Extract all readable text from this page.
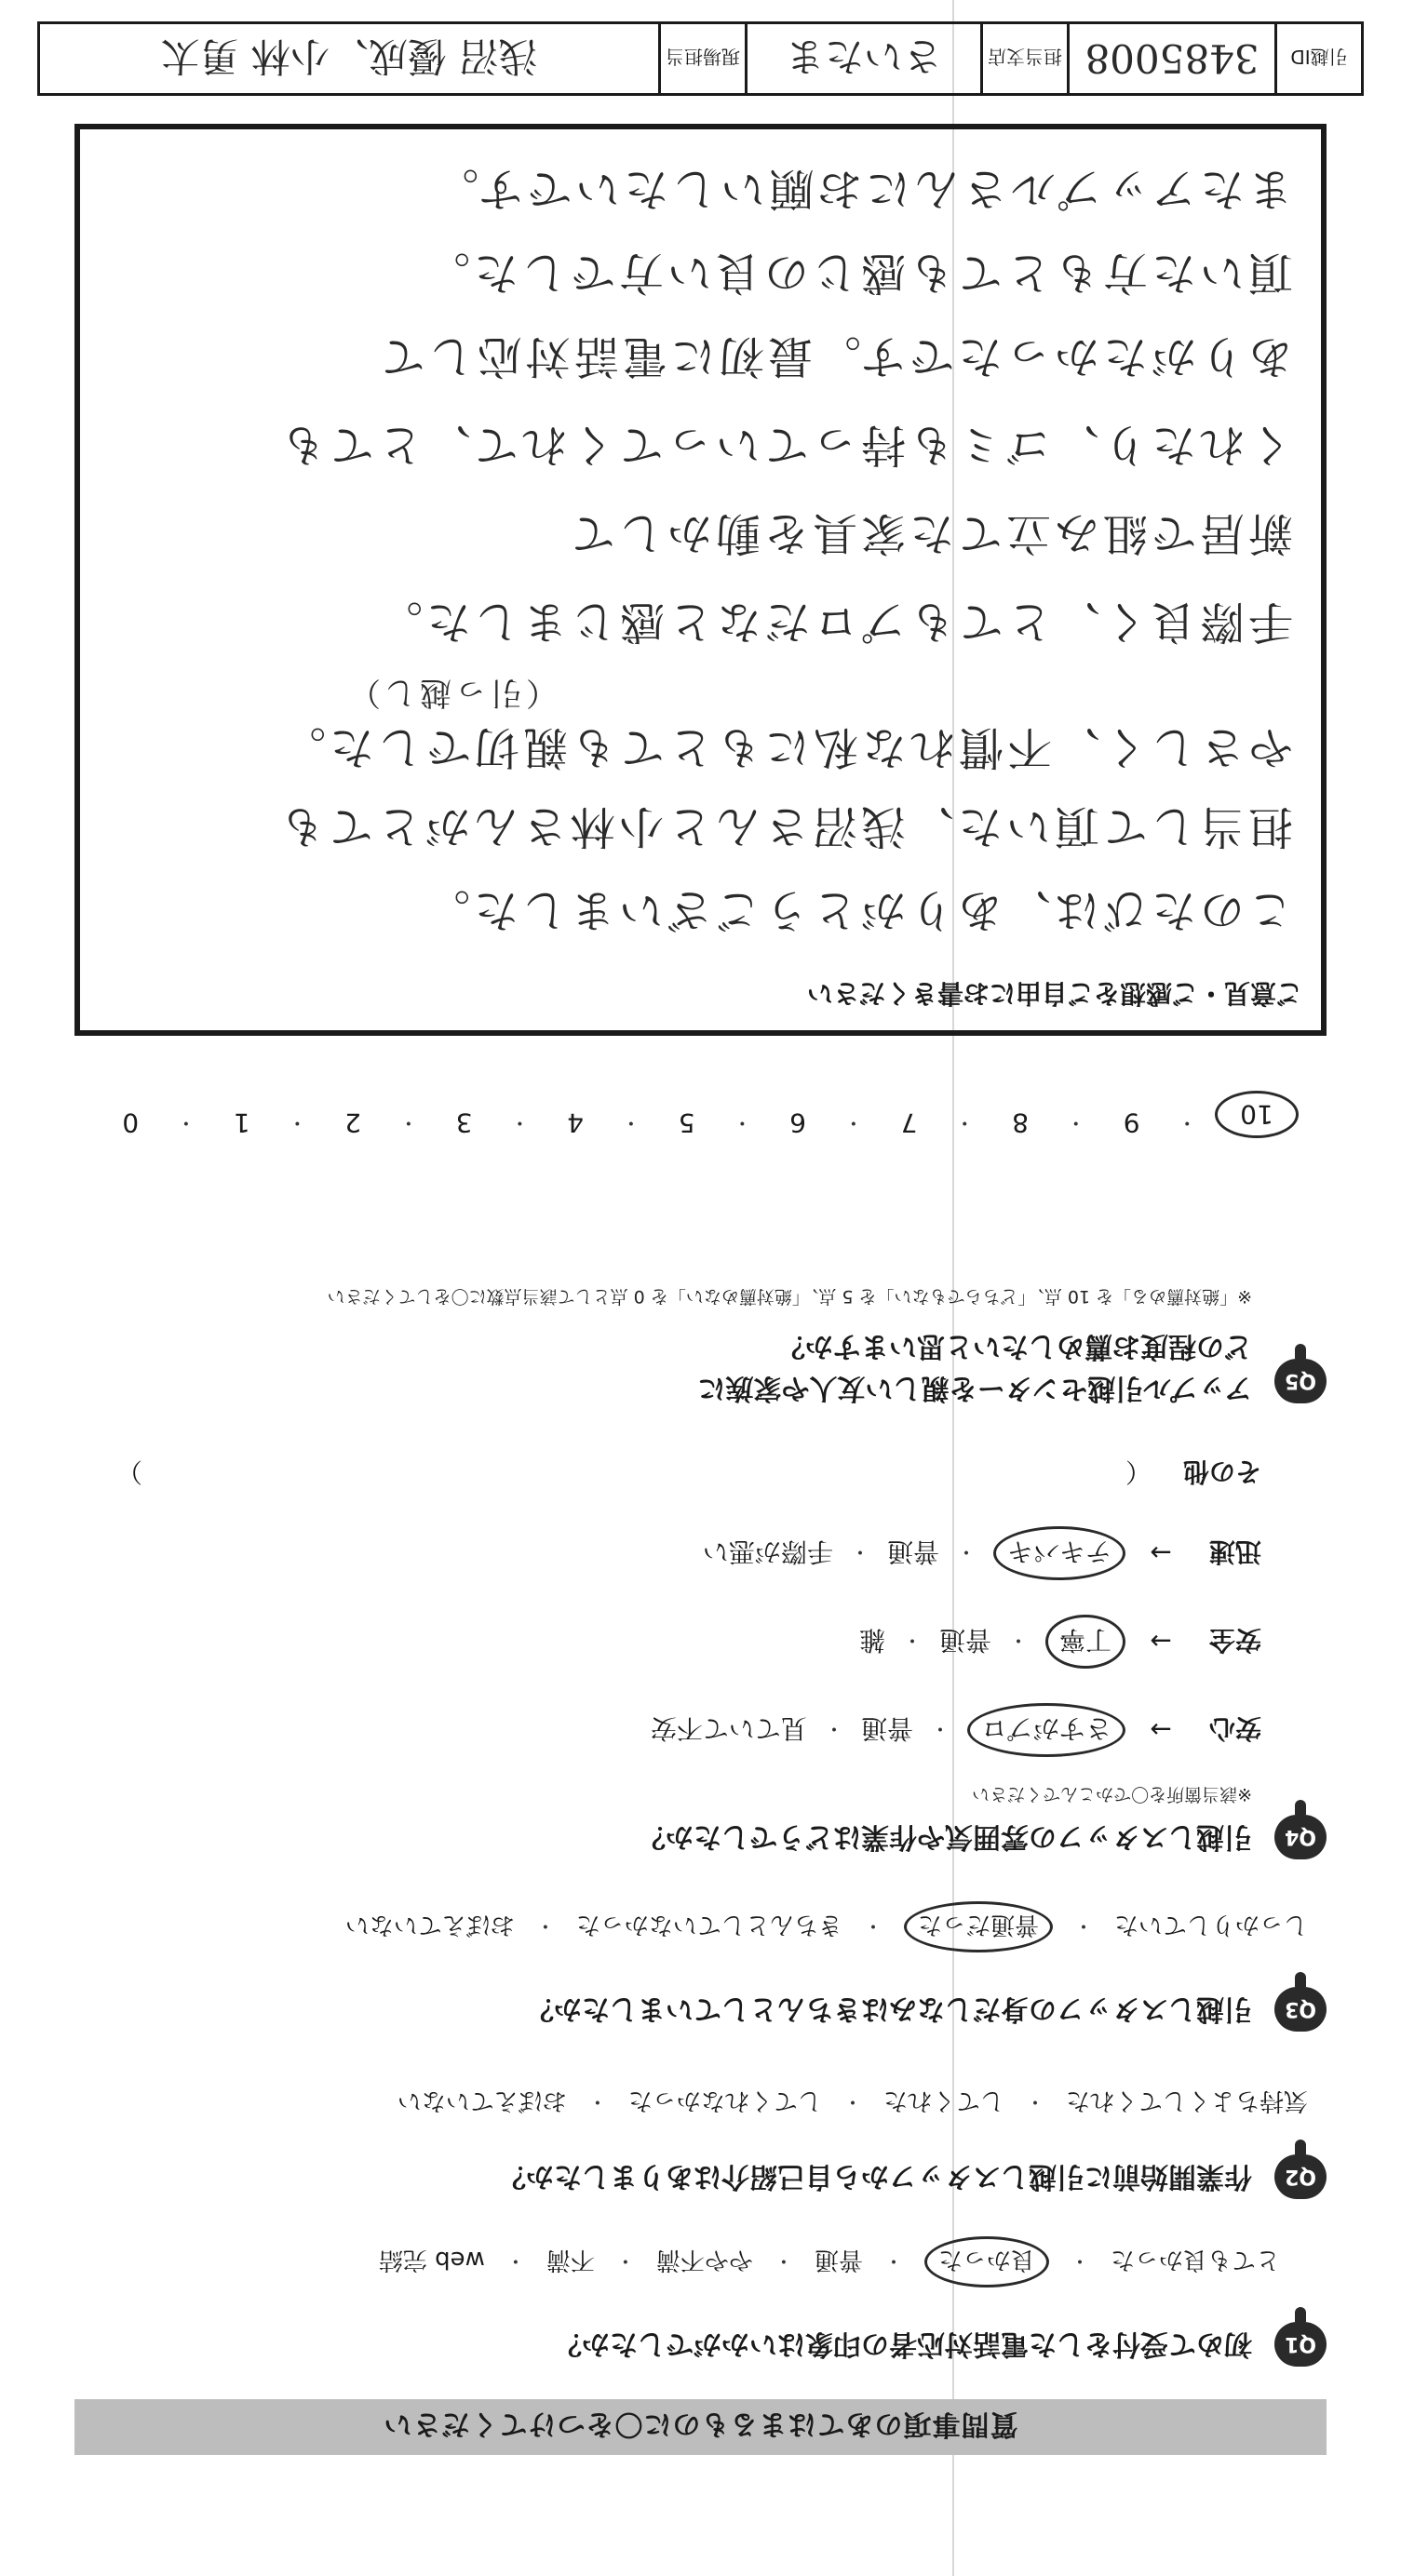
質問事項のあてはまるものに〇をつけてください
Q1
初めて受付をした電話対応者の印象はいかがでしたか？
とても良かった
・
良かった
・
普通
・
やや不満
・
不満
・
web 完結
Q2
作業開始前に引越しスタッフから自己紹介はありましたか？
気持ちよくしてくれた
・
してくれた
・
してくれなかった
・
おぼえていない
Q3
引越しスタッフの身だしなみはきちんとしていましたか？
しっかりしていた
・
普通だった
・
きちんとしていなかった
・
おぼえていない
Q4
引越しスタッフの雰囲気や作業はどうでしたか？
※該当箇所を〇でかこんでください
安心
→
さすがプロ
・
普通
・
見ていて不安
安全
→
丁寧
・
普通
・
雑
迅速
→
テキパキ
・
普通
・
手際が悪い
その他
（
）
Q5
アップル引越センターを親しい友人や家族に
どの程度お薦めしたいと思いますか？
※「絶対薦める」を 10 点、「どちらでもない」を 5 点、「絶対薦めない」を 0 点として該当点数に〇をしてください
10
・
9
・
8
・
7
・
6
・
5
・
4
・
3
・
2
・
1
・
0
ご意見・ご感想をご自由にお書きください
このたびは、ありがとうございました。
担当して頂いた、浅沼さんと小林さんがとても
やさしく、不慣れな私にもとても親切でした。
（引っ越し）
手際良く、とてもプロだなと感じました。
新居で組み立てた家具を動かして
くれたり、ゴミも持っていってくれて、とても
ありがたかったです。最初に電話対応して
頂いた方もとても感じの良い方でした。
またアップルさんにお願いしたいです。
引越ID
3485008
担当支店
さいたま
現場担当
浅沼 優成、小林 勇太
